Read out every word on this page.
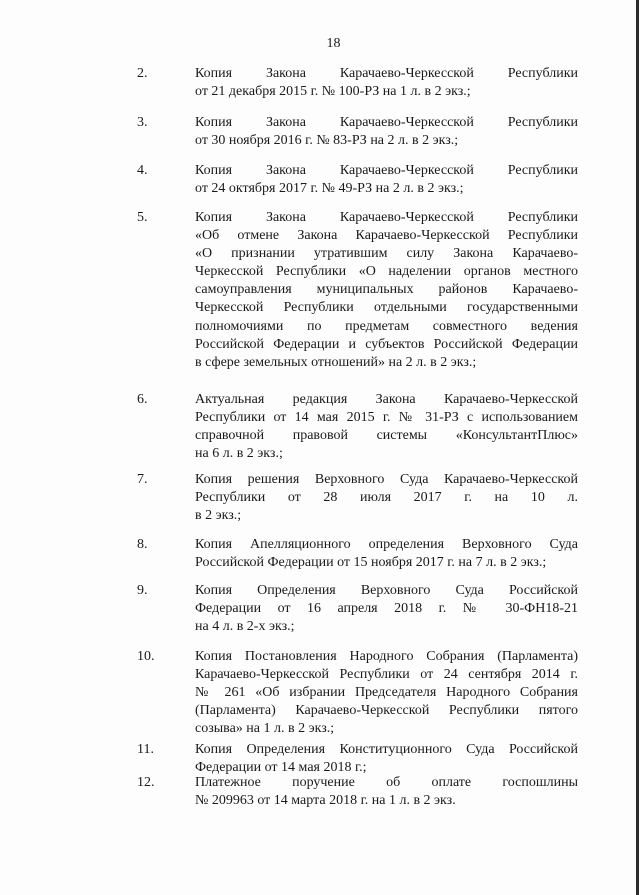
18
2.	Копия Закона Карачаево-Черкесской Республики
от 21 декабря 2015 г. № 100-РЗ на 1 л. в 2 экз.;
3.	Копия Закона Карачаево-Черкесской Республики
от 30 ноября 2016 г. № 83-РЗ на 2 л. в 2 экз.;
4.	Копия Закона Карачаево-Черкесской Республики
от 24 октября 2017 г. № 49-РЗ на 2 л. в 2 экз.;
5.	Копия Закона Карачаево-Черкесской Республики
«Об отмене Закона Карачаево-Черкесской Республики
«О признании утратившим силу Закона Карачаево-
Черкесской Республики «О наделении органов местного
самоуправления муниципальных районов Карачаево-
Черкесской Республики отдельными государственными
полномочиями по предметам совместного ведения
Российской Федерации и субъектов Российской Федерации
в сфере земельных отношений» на 2 л. в 2 экз.;
6.	Актуальная редакция Закона Карачаево-Черкесской
Республики от 14 мая 2015 г. № 31-РЗ с использованием
справочной правовой системы «КонсультантПлюс»
на 6 л. в 2 экз.;
7.	Копия решения Верховного Суда Карачаево-Черкесской
Республики от 28 июля 2017 г. на 10 л.
в 2 экз.;
8.	Копия Апелляционного определения Верховного Суда
Российской Федерации от 15 ноября 2017 г. на 7 л. в 2 экз.;
9.	Копия Определения Верховного Суда Российской
Федерации от 16 апреля 2018 г. № 30-ФН18-21
на 4 л. в 2-х экз.;
10.	Копия Постановления Народного Собрания (Парламента)
Карачаево-Черкесской Республики от 24 сентября 2014 г.
№ 261 «Об избрании Председателя Народного Собрания
(Парламента) Карачаево-Черкесской Республики пятого
созыва» на 1 л. в 2 экз.;
11.	Копия Определения Конституционного Суда Российской
Федерации от 14 мая 2018 г.;
12.	Платежное поручение об оплате госпошлины
№ 209963 от 14 марта 2018 г. на 1 л. в 2 экз.
